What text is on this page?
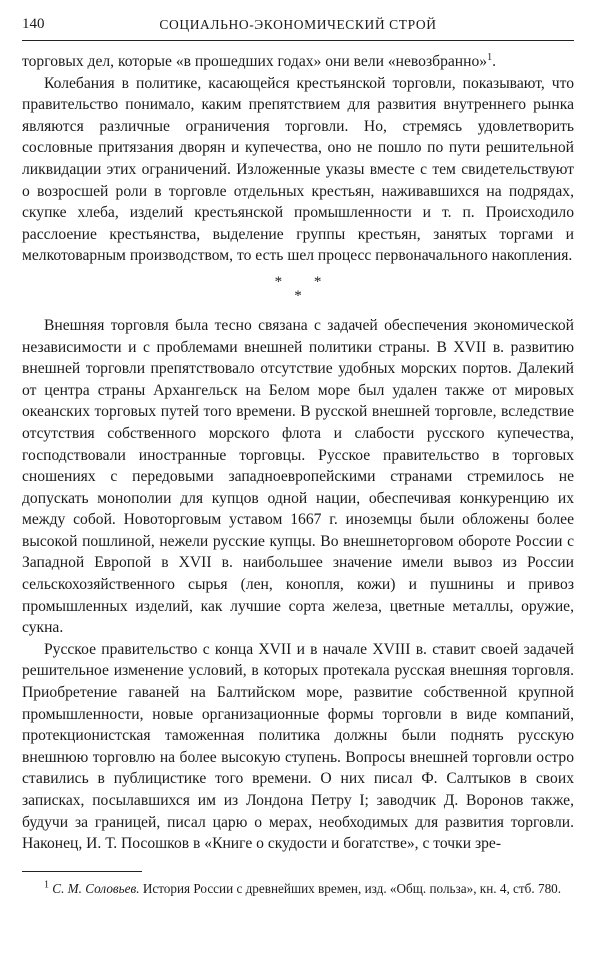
140	СОЦИАЛЬНО-ЭКОНОМИЧЕСКИЙ СТРОЙ

торговых дел, которые «в прошедших годах» они вели «невозбранно»$^1$.

Колебания в политике, касающейся крестьянской торговли, показывают, что правительство понимало, каким препятствием для развития внутреннего рынка являются различные ограничения торговли. Но, стремясь удовлетворить сословные притязания дворян и купечества, оно не пошло по пути решительной ликвидации этих ограничений. Изложенные указы вместе с тем свидетельствуют о возросшей роли в торговле отдельных крестьян, наживавшихся на подрядах, скупке хлеба, изделий крестьянской промышленности и т. п. Происходило расслоение крестьянства, выделение группы крестьян, занятых торгами и мелкотоварным производством, то есть шел процесс первоначального накопления.

* *
*

Внешняя торговля была тесно связана с задачей обеспечения экономической независимости и с проблемами внешней политики страны. В XVII в. развитию внешней торговли препятствовало отсутствие удобных морских портов. Далекий от центра страны Архангельск на Белом море был удален также от мировых океанских торговых путей того времени. В русской внешней торговле, вследствие отсутствия собственного морского флота и слабости русского купечества, господствовали иностранные торговцы. Русское правительство в торговых сношениях с передовыми западноевропейскими странами стремилось не допускать монополии для купцов одной нации, обеспечивая конкуренцию их между собой. Новоторговым уставом 1667 г. иноземцы были обложены более высокой пошлиной, нежели русские купцы. Во внешнеторговом обороте России с Западной Европой в XVII в. наибольшее значение имели вывоз из России сельскохозяйственного сырья (лен, конопля, кожи) и пушнины и привоз промышленных изделий, как лучшие сорта железа, цветные металлы, оружие, сукна.

Русское правительство с конца XVII и в начале XVIII в. ставит своей задачей решительное изменение условий, в которых протекала русская внешняя торговля. Приобретение гаваней на Балтийском море, развитие собственной крупной промышленности, новые организационные формы торговли в виде компаний, протекционистская таможенная политика должны были поднять русскую внешнюю торговлю на более высокую ступень. Вопросы внешней торговли остро ставились в публицистике того времени. О них писал Ф. Салтыков в своих записках, посылавшихся им из Лондона Петру I; заводчик Д. Воронов также, будучи за границей, писал царю о мерах, необходимых для развития торговли. Наконец, И. Т. Посошков в «Книге о скудости и богатстве», с точки зре-

$^1$ С. М. Соловьев. История России с древнейших времен, изд. «Общ. польза», кн. 4, стб. 780.
